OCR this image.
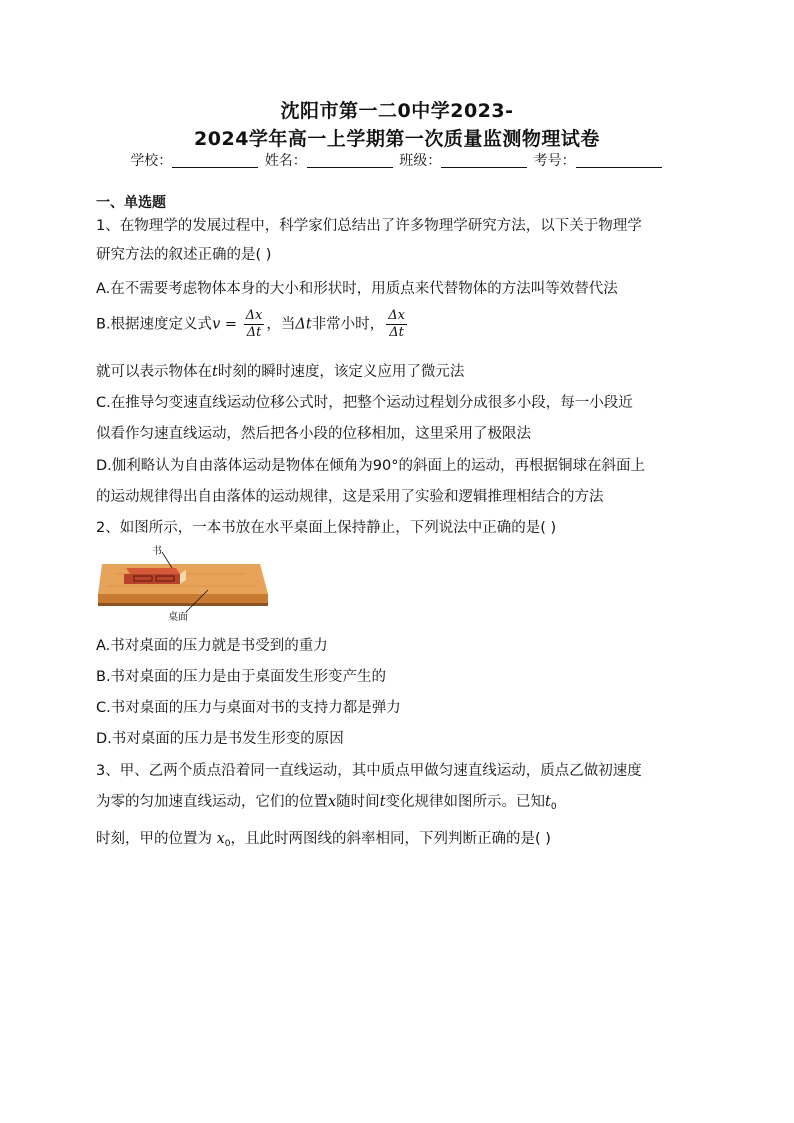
沈阳市第一二0中学2023-
2024学年高一上学期第一次质量监测物理试卷
学校：	姓名：	班级：	考号：
一、单选题
1、在物理学的发展过程中，科学家们总结出了许多物理学研究方法，以下关于物理学
研究方法的叙述正确的是( )
A.在不需要考虑物体本身的大小和形状时，用质点来代替物体的方法叫等效替代法
B.根据速度定义式$v = \frac{\Delta x}{\Delta t}$ ，当Δt非常小时， $\frac{\Delta x}{\Delta t}$
就可以表示物体在t时刻的瞬时速度，该定义应用了微元法
C.在推导匀变速直线运动位移公式时，把整个运动过程划分成很多小段，每一小段近
似看作匀速直线运动，然后把各小段的位移相加，这里采用了极限法
D.伽利略认为自由落体运动是物体在倾角为90°的斜面上的运动，再根据铜球在斜面上
的运动规律得出自由落体的运动规律，这是采用了实验和逻辑推理相结合的方法
2、如图所示，一本书放在水平桌面上保持静止，下列说法中正确的是( )
书
桌面
A.书对桌面的压力就是书受到的重力
B.书对桌面的压力是由于桌面发生形变产生的
C.书对桌面的压力与桌面对书的支持力都是弹力
D.书对桌面的压力是书发生形变的原因
3、甲、乙两个质点沿着同一直线运动，其中质点甲做匀速直线运动，质点乙做初速度
为零的匀加速直线运动，它们的位置x随时间t变化规律如图所示。已知$t_0$
时刻，甲的位置为 $x_0$，且此时两图线的斜率相同，下列判断正确的是( )
